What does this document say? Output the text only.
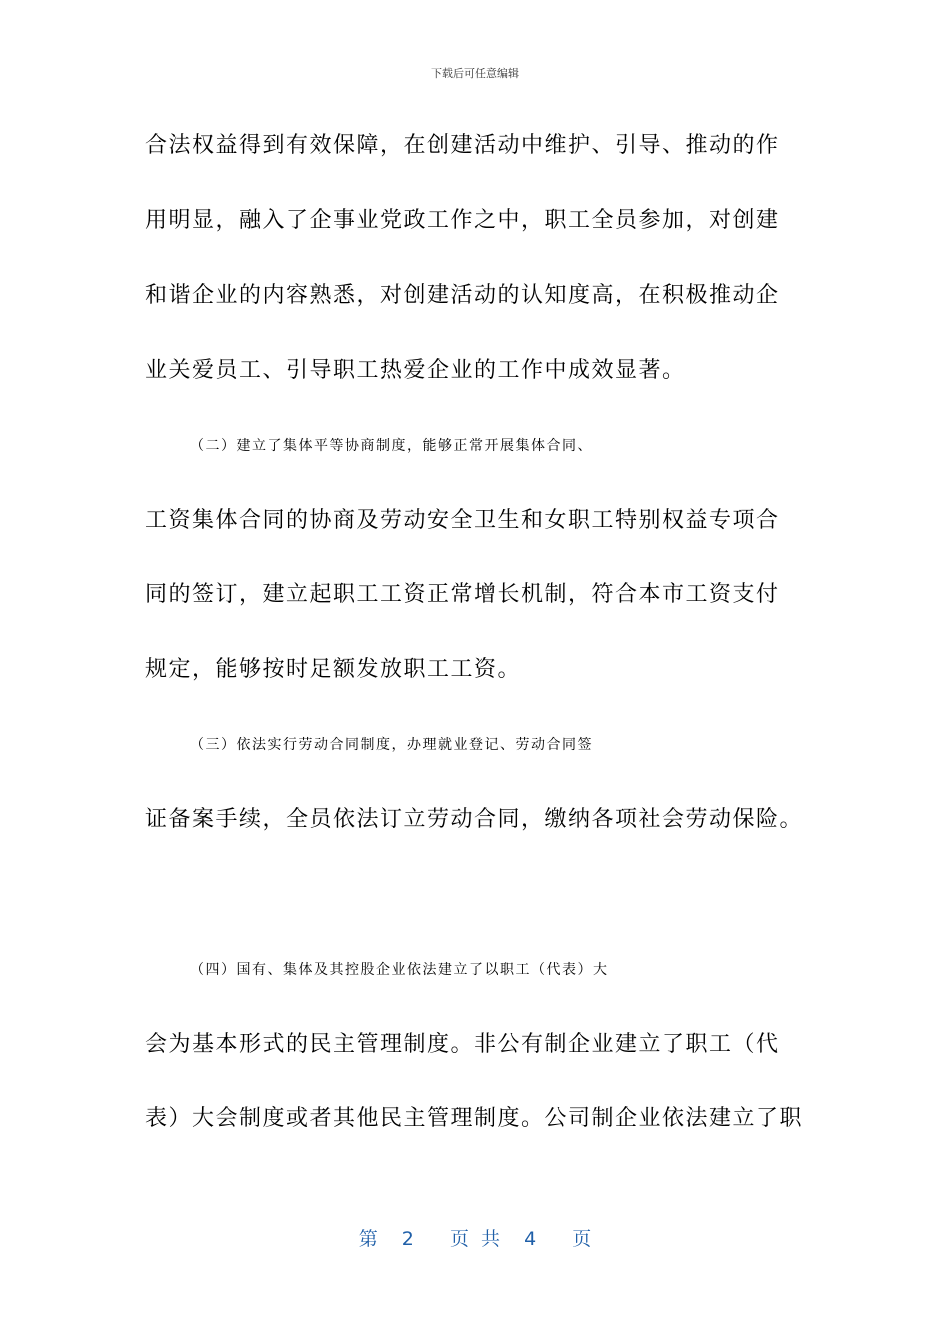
下载后可任意编辑
合法权益得到有效保障，在创建活动中维护、引导、推动的作
用明显，融入了企事业党政工作之中，职工全员参加，对创建
和谐企业的内容熟悉，对创建活动的认知度高，在积极推动企
业关爱员工、引导职工热爱企业的工作中成效显著。
（二）建立了集体平等协商制度，能够正常开展集体合同、
工资集体合同的协商及劳动安全卫生和女职工特别权益专项合
同的签订，建立起职工工资正常增长机制，符合本市工资支付
规定，能够按时足额发放职工工资。
（三）依法实行劳动合同制度，办理就业登记、劳动合同签
证备案手续，全员依法订立劳动合同，缴纳各项社会劳动保险。
（四）国有、集体及其控股企业依法建立了以职工（代表）大
会为基本形式的民主管理制度。非公有制企业建立了职工（代
表）大会制度或者其他民主管理制度。公司制企业依法建立了职
第  2   页 共  4   页
